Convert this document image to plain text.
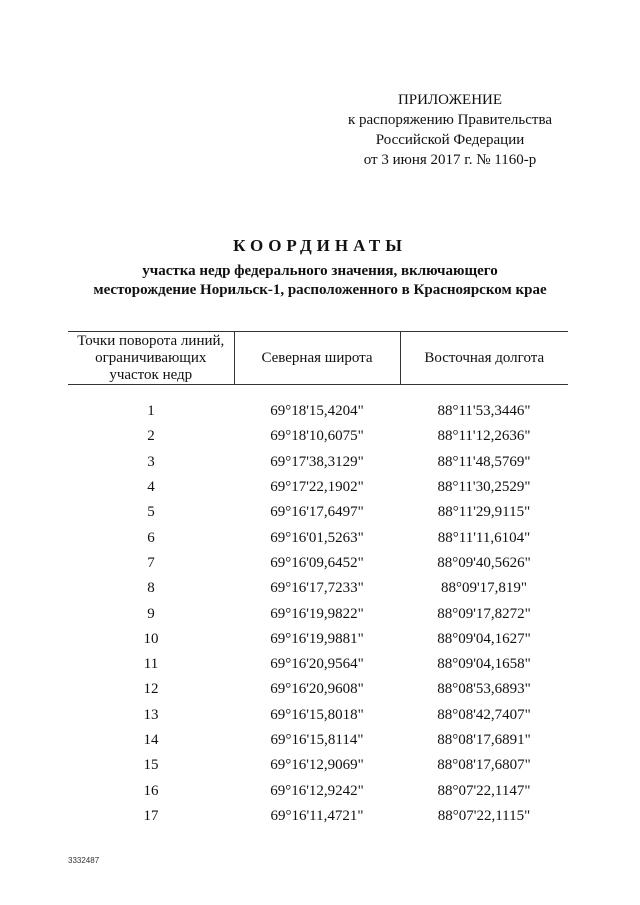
ПРИЛОЖЕНИЕ
к распоряжению Правительства
Российской Федерации
от 3 июня 2017 г. № 1160-р
КООРДИНАТЫ
участка недр федерального значения, включающего
месторождение Норильск-1, расположенного в Красноярском крае
Точки поворота линий,
ограничивающих
участок недр	Северная широта	Восточная долгота

1	69°18'15,4204"	88°11'53,3446"
2	69°18'10,6075"	88°11'12,2636"
3	69°17'38,3129"	88°11'48,5769"
4	69°17'22,1902"	88°11'30,2529"
5	69°16'17,6497"	88°11'29,9115"
6	69°16'01,5263"	88°11'11,6104"
7	69°16'09,6452"	88°09'40,5626"
8	69°16'17,7233"	88°09'17,819"
9	69°16'19,9822"	88°09'17,8272"
10	69°16'19,9881"	88°09'04,1627"
11	69°16'20,9564"	88°09'04,1658"
12	69°16'20,9608"	88°08'53,6893"
13	69°16'15,8018"	88°08'42,7407"
14	69°16'15,8114"	88°08'17,6891"
15	69°16'12,9069"	88°08'17,6807"
16	69°16'12,9242"	88°07'22,1147"
17	69°16'11,4721"	88°07'22,1115"
3332487
